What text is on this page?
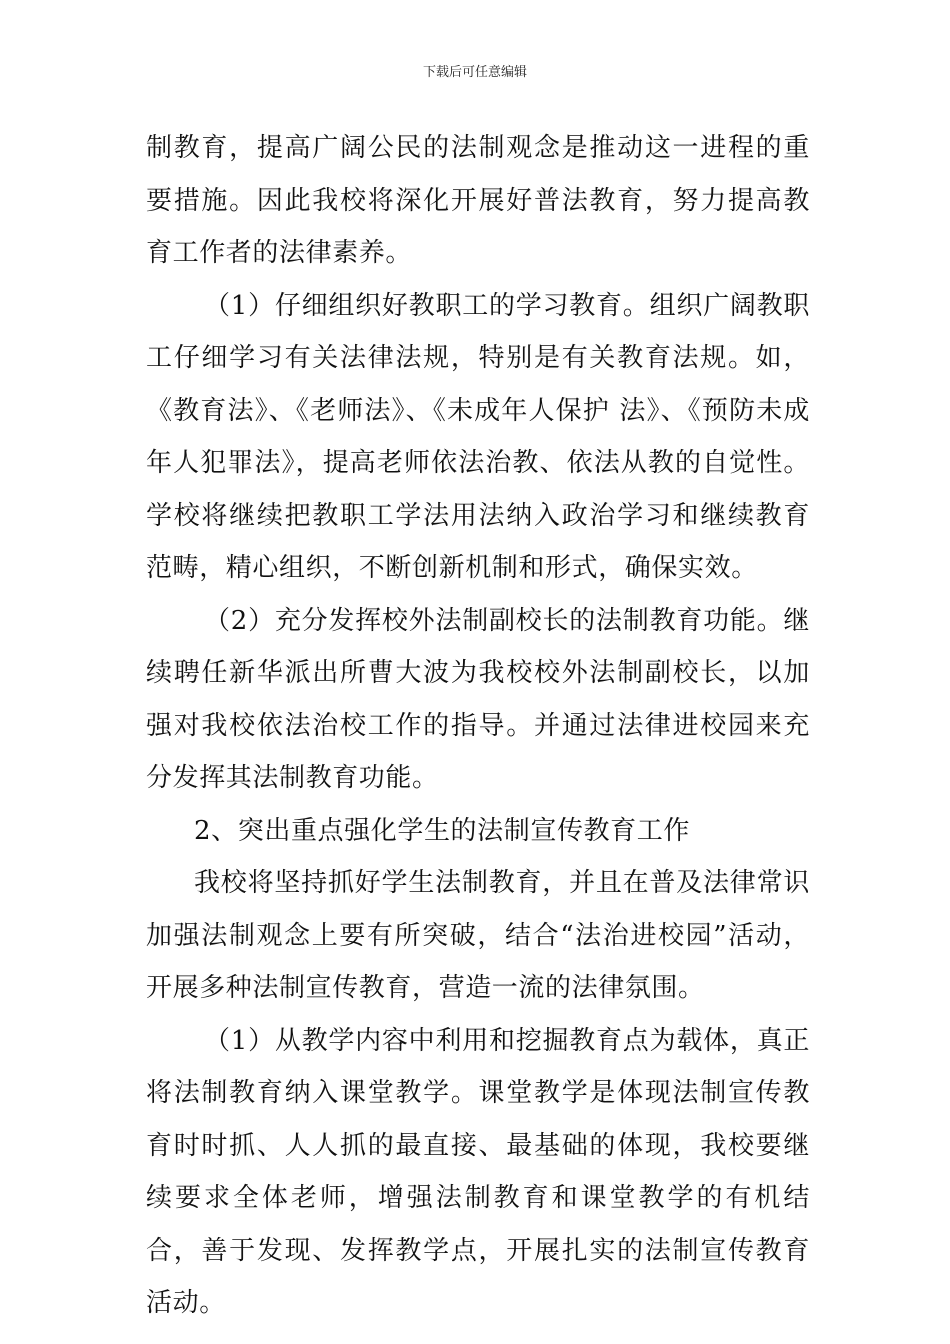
下载后可任意编辑

制教育，提高广阔公民的法制观念是推动这一进程的重要措施。因此我校将深化开展好普法教育，努力提高教育工作者的法律素养。

（1）仔细组织好教职工的学习教育。组织广阔教职工仔细学习有关法律法规，特别是有关教育法规。如，《教育法》、《老师法》、《未成年人保护 法》、《预防未成年人犯罪法》，提高老师依法治教、依法从教的自觉性。学校将继续把教职工学法用法纳入政治学习和继续教育范畴，精心组织，不断创新机制和形式，确保实效。

（2）充分发挥校外法制副校长的法制教育功能。继续聘任新华派出所曹大波为我校校外法制副校长，以加强对我校依法治校工作的指导。并通过法律进校园来充分发挥其法制教育功能。

2、突出重点强化学生的法制宣传教育工作

我校将坚持抓好学生法制教育，并且在普及法律常识加强法制观念上要有所突破，结合“法治进校园”活动，开展多种法制宣传教育，营造一流的法律氛围。

（1）从教学内容中利用和挖掘教育点为载体，真正将法制教育纳入课堂教学。课堂教学是体现法制宣传教育时时抓、人人抓的最直接、最基础的体现，我校要继续要求全体老师，增强法制教育和课堂教学的有机结合，善于发现、发挥教学点，开展扎实的法制宣传教育活动。
